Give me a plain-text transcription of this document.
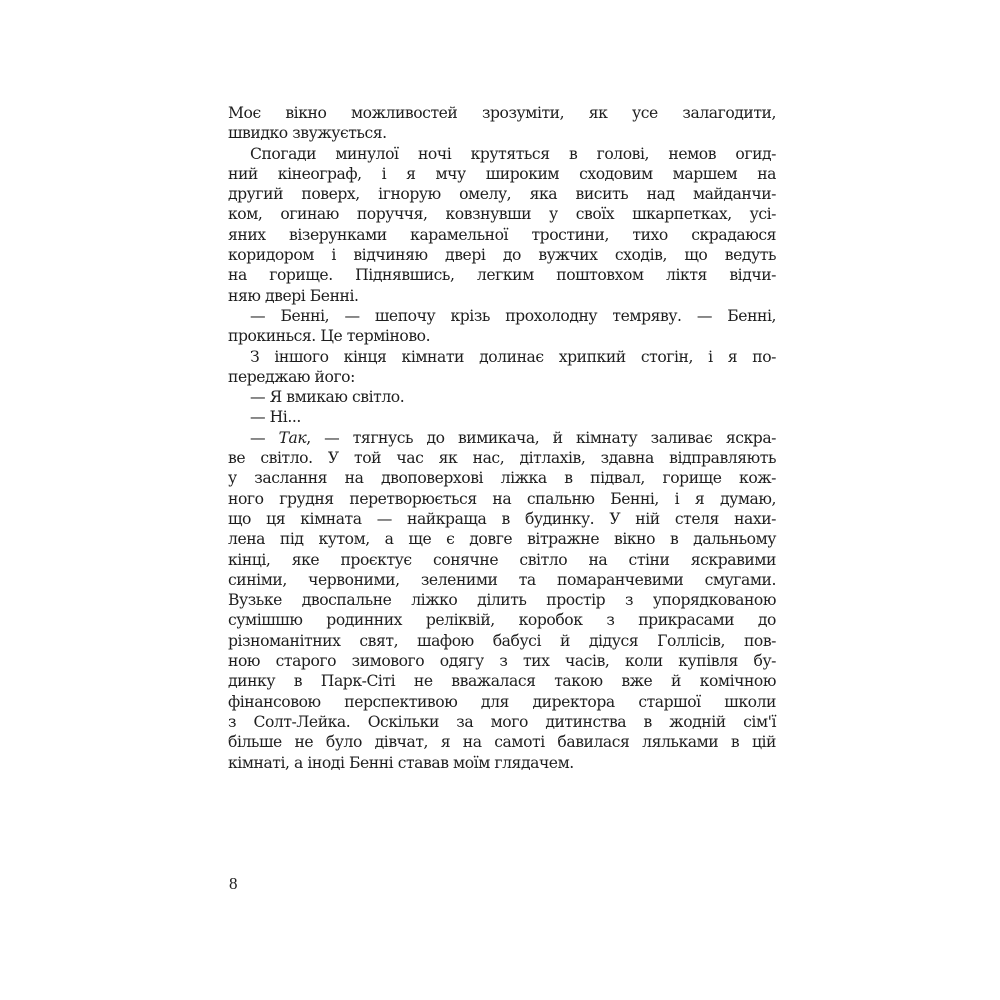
Моє вікно можливостей зрозуміти, як усе залагодити,
швидко звужується.
Спогади минулої ночі крутяться в голові, немов огид-
ний кінеограф, і я мчу широким сходовим маршем на
другий поверх, ігнорую омелу, яка висить над майданчи-
ком, огинаю поруччя, ковзнувши у своїх шкарпетках, усі-
яних візерунками карамельної тростини, тихо скрадаюся
коридором і відчиняю двері до вужчих сходів, що ведуть
на горище. Піднявшись, легким поштовхом ліктя відчи-
няю двері Бенні.
— Бенні, — шепочу крізь прохолодну темряву. — Бенні,
прокинься. Це терміново.
З іншого кінця кімнати долинає хрипкий стогін, і я по-
переджаю його:
— Я вмикаю світло.
— Ні...
— Так, — тягнусь до вимикача, й кімнату заливає яскра-
ве світло. У той час як нас, дітлахів, здавна відправляють
у заслання на двоповерхові ліжка в підвал, горище кож-
ного грудня перетворюється на спальню Бенні, і я думаю,
що ця кімната — найкраща в будинку. У ній стеля нахи-
лена під кутом, а ще є довге вітражне вікно в дальньому
кінці, яке проєктує сонячне світло на стіни яскравими
синіми, червоними, зеленими та помаранчевими смугами.
Вузьке двоспальне ліжко ділить простір з упорядкованою
сумішшю родинних реліквій, коробок з прикрасами до
різноманітних свят, шафою бабусі й дідуся Голлісів, пов-
ною старого зимового одягу з тих часів, коли купівля бу-
динку в Парк-Сіті не вважалася такою вже й комічною
фінансовою перспективою для директора старшої школи
з Солт-Лейка. Оскільки за мого дитинства в жодній сім'ї
більше не було дівчат, я на самоті бавилася ляльками в цій
кімнаті, а іноді Бенні ставав моїм глядачем.
8
